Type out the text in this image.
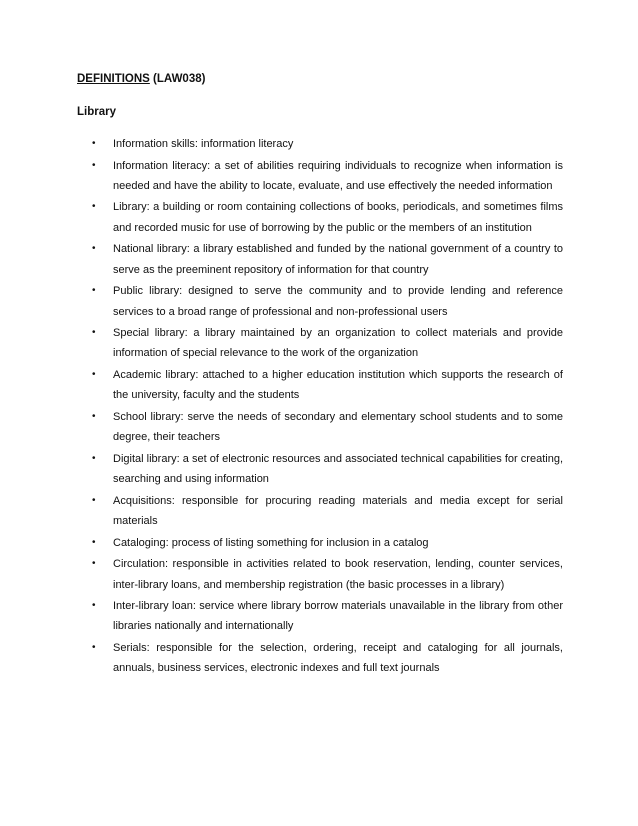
DEFINITIONS (LAW038)

Library

• Information skills: information literacy
• Information literacy: a set of abilities requiring individuals to recognize when information is needed and have the ability to locate, evaluate, and use effectively the needed information
• Library: a building or room containing collections of books, periodicals, and sometimes films and recorded music for use of borrowing by the public or the members of an institution
• National library: a library established and funded by the national government of a country to serve as the preeminent repository of information for that country
• Public library: designed to serve the community and to provide lending and reference services to a broad range of professional and non-professional users
• Special library: a library maintained by an organization to collect materials and provide information of special relevance to the work of the organization
• Academic library: attached to a higher education institution which supports the research of the university, faculty and the students
• School library: serve the needs of secondary and elementary school students and to some degree, their teachers
• Digital library: a set of electronic resources and associated technical capabilities for creating, searching and using information
• Acquisitions: responsible for procuring reading materials and media except for serial materials
• Cataloging: process of listing something for inclusion in a catalog
• Circulation: responsible in activities related to book reservation, lending, counter services, inter-library loans, and membership registration (the basic processes in a library)
• Inter-library loan: service where library borrow materials unavailable in the library from other libraries nationally and internationally
• Serials: responsible for the selection, ordering, receipt and cataloging for all journals, annuals, business services, electronic indexes and full text journals
